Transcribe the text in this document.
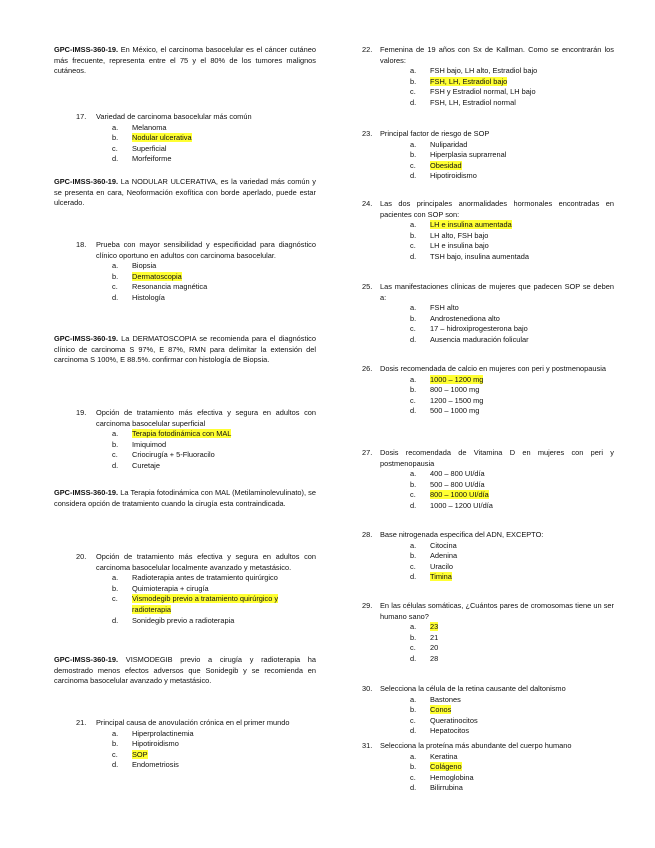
GPC-IMSS-360-19. En México, el carcinoma basocelular es el cáncer cutáneo más frecuente, representa entre el 75 y el 80% de los tumores malignos cutáneos.

17.	Variedad de carcinoma basocelular más común
a.	Melanoma
b.	Nodular ulcerativa
c.	Superficial
d.	Morfeiforme

GPC-IMSS-360-19. La NODULAR ULCERATIVA, es la variedad más común y se presenta en cara, Neoformación exofítica con borde aperlado, puede estar ulcerado.

18.	Prueba con mayor sensibilidad y especificidad para diagnóstico clínico oportuno en adultos con carcinoma basocelular.
a.	Biopsia
b.	Dermatoscopia
c.	Resonancia magnética
d.	Histología

GPC-IMSS-360-19. La DERMATOSCOPIA se recomienda para el diagnóstico clínico de carcinoma S 97%, E 87%, RMN para delimitar la extensión del carcinoma S 100%, E 88.5%. confirmar con histología de Biopsia.

19.	Opción de tratamiento más efectiva y segura en adultos con carcinoma basocelular superficial
a.	Terapia fotodinámica con MAL
b.	Imiquimod
c.	Criocirugía + 5-Fluoracilo
d.	Curetaje

GPC-IMSS-360-19. La Terapia fotodinámica con MAL (Metilaminolevulinato), se considera opción de tratamiento cuando la cirugía esta contraindicada.

20.	Opción de tratamiento más efectiva y segura en adultos con carcinoma basocelular localmente avanzado y metastásico.
a.	Radioterapia antes de tratamiento quirúrgico
b.	Quimioterapia + cirugía
c.	Vismodegib previo a tratamiento quirúrgico y radioterapia
d.	Sonidegib previo a radioterapia

GPC-IMSS-360-19. VISMODEGIB previo a cirugía y radioterapia ha demostrado menos efectos adversos que Sonidegib y se recomienda en carcinoma basocelular avanzado y metastásico.

21.	Principal causa de anovulación crónica en el primer mundo
a.	Hiperprolactinemia
b.	Hipotiroidismo
c.	SOP
d.	Endometriosis
22.	Femenina de 19 años con Sx de Kallman. Como se encontrarán los valores:
a.	FSH bajo, LH alto, Estradiol bajo
b.	FSH, LH, Estradiol bajo
c.	FSH y Estradiol normal, LH bajo
d.	FSH, LH, Estradiol normal
23.	Principal factor de riesgo de SOP
a.	Nuliparidad
b.	Hiperplasia suprarrenal
c.	Obesidad
d.	Hipotiroidismo
24.	Las dos principales anormalidades hormonales encontradas en pacientes con SOP son:
a.	LH e insulina aumentada
b.	LH alto, FSH bajo
c.	LH e insulina bajo
d.	TSH bajo, insulina aumentada
25.	Las manifestaciones clínicas de mujeres que padecen SOP se deben a:
a.	FSH alto
b.	Androstenediona alto
c.	17 – hidroxiprogesterona bajo
d.	Ausencia maduración folicular
26.	Dosis recomendada de calcio en mujeres con peri y postmenopausia
a.	1000 – 1200 mg
b.	800 – 1000 mg
c.	1200 – 1500 mg
d.	500 – 1000 mg
27.	Dosis recomendada de Vitamina D en mujeres con peri y postmenopausia
a.	400 – 800 UI/día
b.	500 – 800 UI/día
c.	800 – 1000 UI/día
d.	1000 – 1200 UI/día
28.	Base nitrogenada especifica del ADN, EXCEPTO:
a.	Citocina
b.	Adenina
c.	Uracilo
d.	Timina
29.	En las células somáticas, ¿Cuántos pares de cromosomas tiene un ser humano sano?
a.	23
b.	21
c.	20
d.	28
30.	Selecciona la célula de la retina causante del daltonismo
a.	Bastones
b.	Conos
c.	Queratinocitos
d.	Hepatocitos
31.	Selecciona la proteína más abundante del cuerpo humano
a.	Keratina
b.	Colágeno
c.	Hemoglobina
d.	Bilirrubina
